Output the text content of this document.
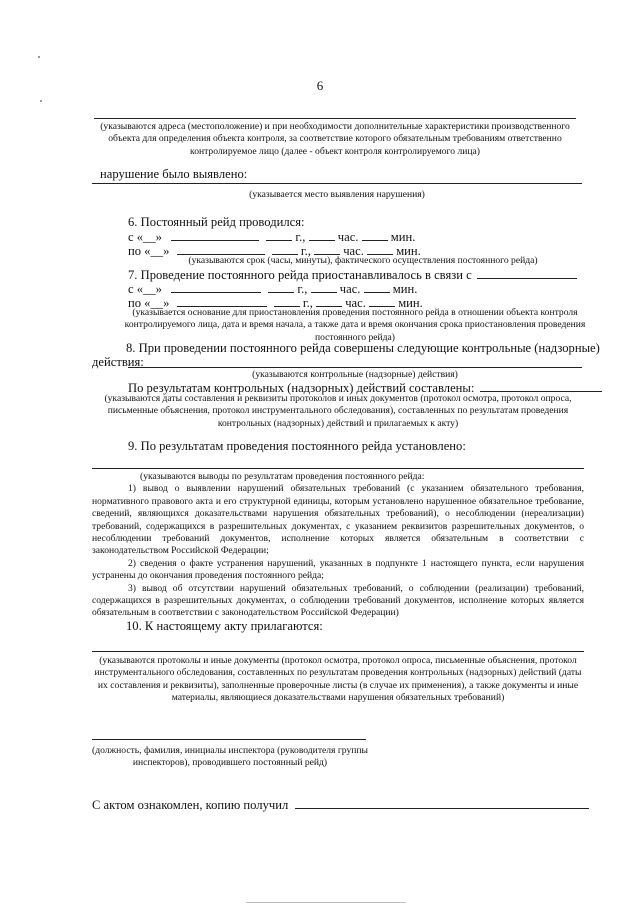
6
(указываются адреса (местоположение) и при необходимости дополнительные характеристики производственного объекта для определения объекта контроля, за соответствие которого обязательным требованиям ответственно контролируемое лицо (далее - объект контроля контролируемого лица)
нарушение было выявлено:
(указывается место выявления нарушения)
6. Постоянный рейд проводился:
с «__»	г.,	час.	мин.
по «__»	г.,	час.	мин.
(указываются срок (часы, минуты), фактического осуществления постоянного рейда)
7. Проведение постоянного рейда приостанавливалось в связи с
с «__»	г.,	час.	мин.
по «__»	г.,	час.	мин.
(указывается основание для приостановления проведения постоянного рейда в отношении объекта контроля контролируемого лица, дата и время начала, а также дата и время окончания срока приостановления проведения постоянного рейда)
8. При проведении постоянного рейда совершены следующие контрольные (надзорные)
действия:
(указываются контрольные (надзорные) действия)
По результатам контрольных (надзорных) действий составлены:
(указываются даты составления и реквизиты протоколов и иных документов (протокол осмотра, протокол опроса, письменные объяснения, протокол инструментального обследования), составленных по результатам проведения контрольных (надзорных) действий и прилагаемых к акту)
9. По результатам проведения постоянного рейда установлено:
(указываются выводы по результатам проведения постоянного рейда:
1) вывод о выявлении нарушений обязательных требований (с указанием обязательного требования, нормативного правового акта и его структурной единицы, которым установлено нарушенное обязательное требование, сведений, являющихся доказательствами нарушения обязательных требований), о несоблюдении (нереализации) требований, содержащихся в разрешительных документах, с указанием реквизитов разрешительных документов, о несоблюдении требований документов, исполнение которых является обязательным в соответствии с законодательством Российской Федерации;
2) сведения о факте устранения нарушений, указанных в подпункте 1 настоящего пункта, если нарушения устранены до окончания проведения постоянного рейда;
3) вывод об отсутствии нарушений обязательных требований, о соблюдении (реализации) требований, содержащихся в разрешительных документах, о соблюдении требований документов, исполнение которых является обязательным в соответствии с законодательством Российской Федерации)
10. К настоящему акту прилагаются:
(указываются протоколы и иные документы (протокол осмотра, протокол опроса, письменные объяснения, протокол инструментального обследования, составленных по результатам проведения контрольных (надзорных) действий (даты их составления и реквизиты), заполненные проверочные листы (в случае их применения), а также документы и иные материалы, являющиеся доказательствами нарушения обязательных требований)
(должность, фамилия, инициалы инспектора (руководителя группы инспекторов), проводившего постоянный рейд)
С актом ознакомлен, копию получил
